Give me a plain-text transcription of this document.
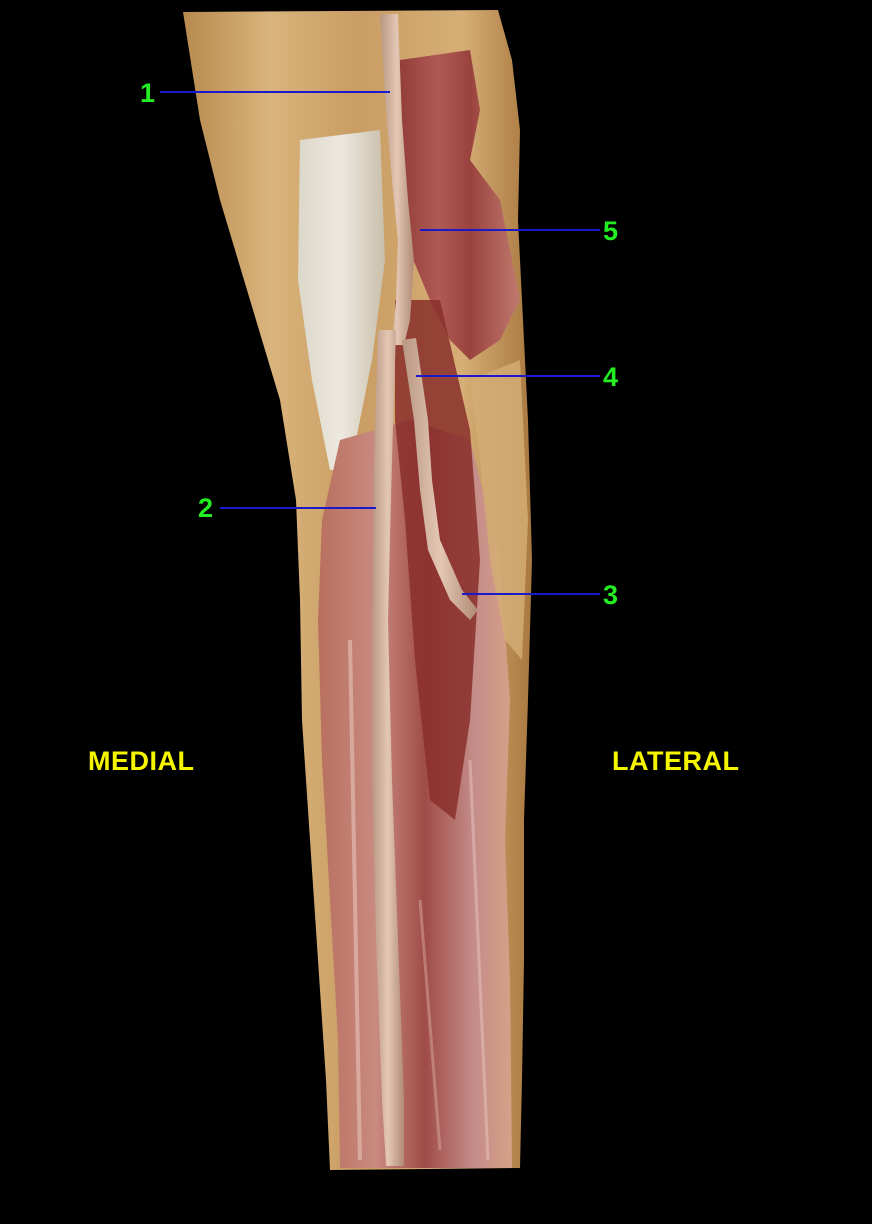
1
5
4
2
3
MEDIAL	LATERAL
